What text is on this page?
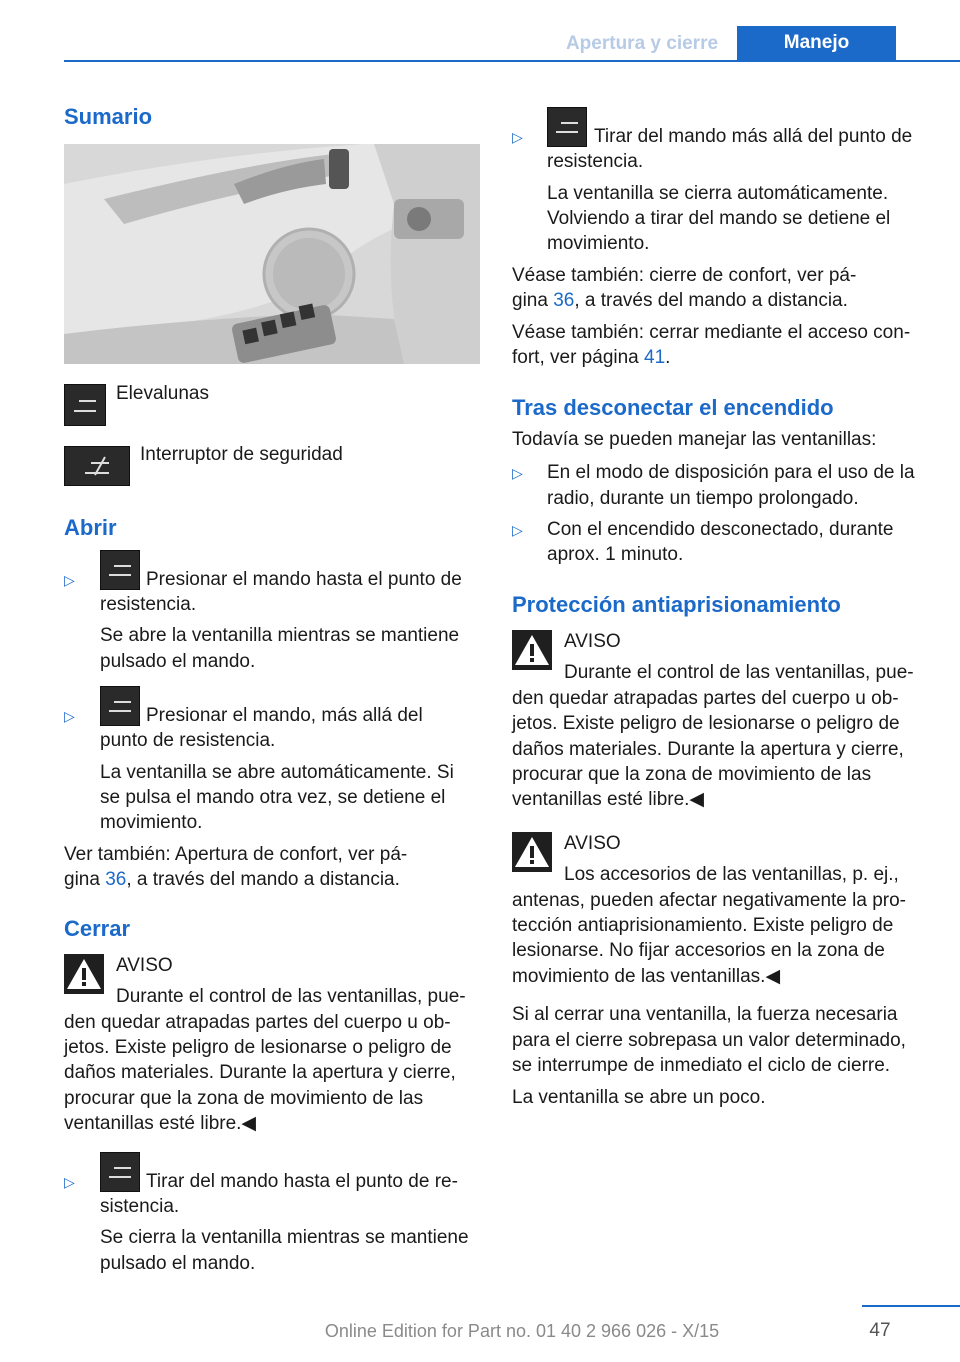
Apertura y cierre	Manejo
Sumario
Elevalunas
Interruptor de seguridad
Abrir
▷	Presionar el mando hasta el punto de
resistencia.
Se abre la ventanilla mientras se mantiene
pulsado el mando.
▷	Presionar el mando, más allá del
punto de resistencia.
La ventanilla se abre automáticamente. Si
se pulsa el mando otra vez, se detiene el
movimiento.
Ver también: Apertura de confort, ver pá‐
gina 36, a través del mando a distancia.
Cerrar
AVISO
Durante el control de las ventanillas, pue‐
den quedar atrapadas partes del cuerpo u ob‐
jetos. Existe peligro de lesionarse o peligro de
daños materiales. Durante la apertura y cierre,
procurar que la zona de movimiento de las
ventanillas esté libre.◀
▷	Tirar del mando hasta el punto de re‐
sistencia.
Se cierra la ventanilla mientras se mantiene
pulsado el mando.
▷	Tirar del mando más allá del punto de
resistencia.
La ventanilla se cierra automáticamente.
Volviendo a tirar del mando se detiene el
movimiento.
Véase también: cierre de confort, ver pá‐
gina 36, a través del mando a distancia.
Véase también: cerrar mediante el acceso con‐
fort, ver página 41.
Tras desconectar el encendido
Todavía se pueden manejar las ventanillas:
▷ En el modo de disposición para el uso de la
radio, durante un tiempo prolongado.
▷ Con el encendido desconectado, durante
aprox. 1 minuto.
Protección antiaprisionamiento
AVISO
Durante el control de las ventanillas, pue‐
den quedar atrapadas partes del cuerpo u ob‐
jetos. Existe peligro de lesionarse o peligro de
daños materiales. Durante la apertura y cierre,
procurar que la zona de movimiento de las
ventanillas esté libre.◀
AVISO
Los accesorios de las ventanillas, p. ej.,
antenas, pueden afectar negativamente la pro‐
tección antiaprisionamiento. Existe peligro de
lesionarse. No fijar accesorios en la zona de
movimiento de las ventanillas.◀
Si al cerrar una ventanilla, la fuerza necesaria
para el cierre sobrepasa un valor determinado,
se interrumpe de inmediato el ciclo de cierre.
La ventanilla se abre un poco.
Online Edition for Part no. 01 40 2 966 026 - X/15	47
